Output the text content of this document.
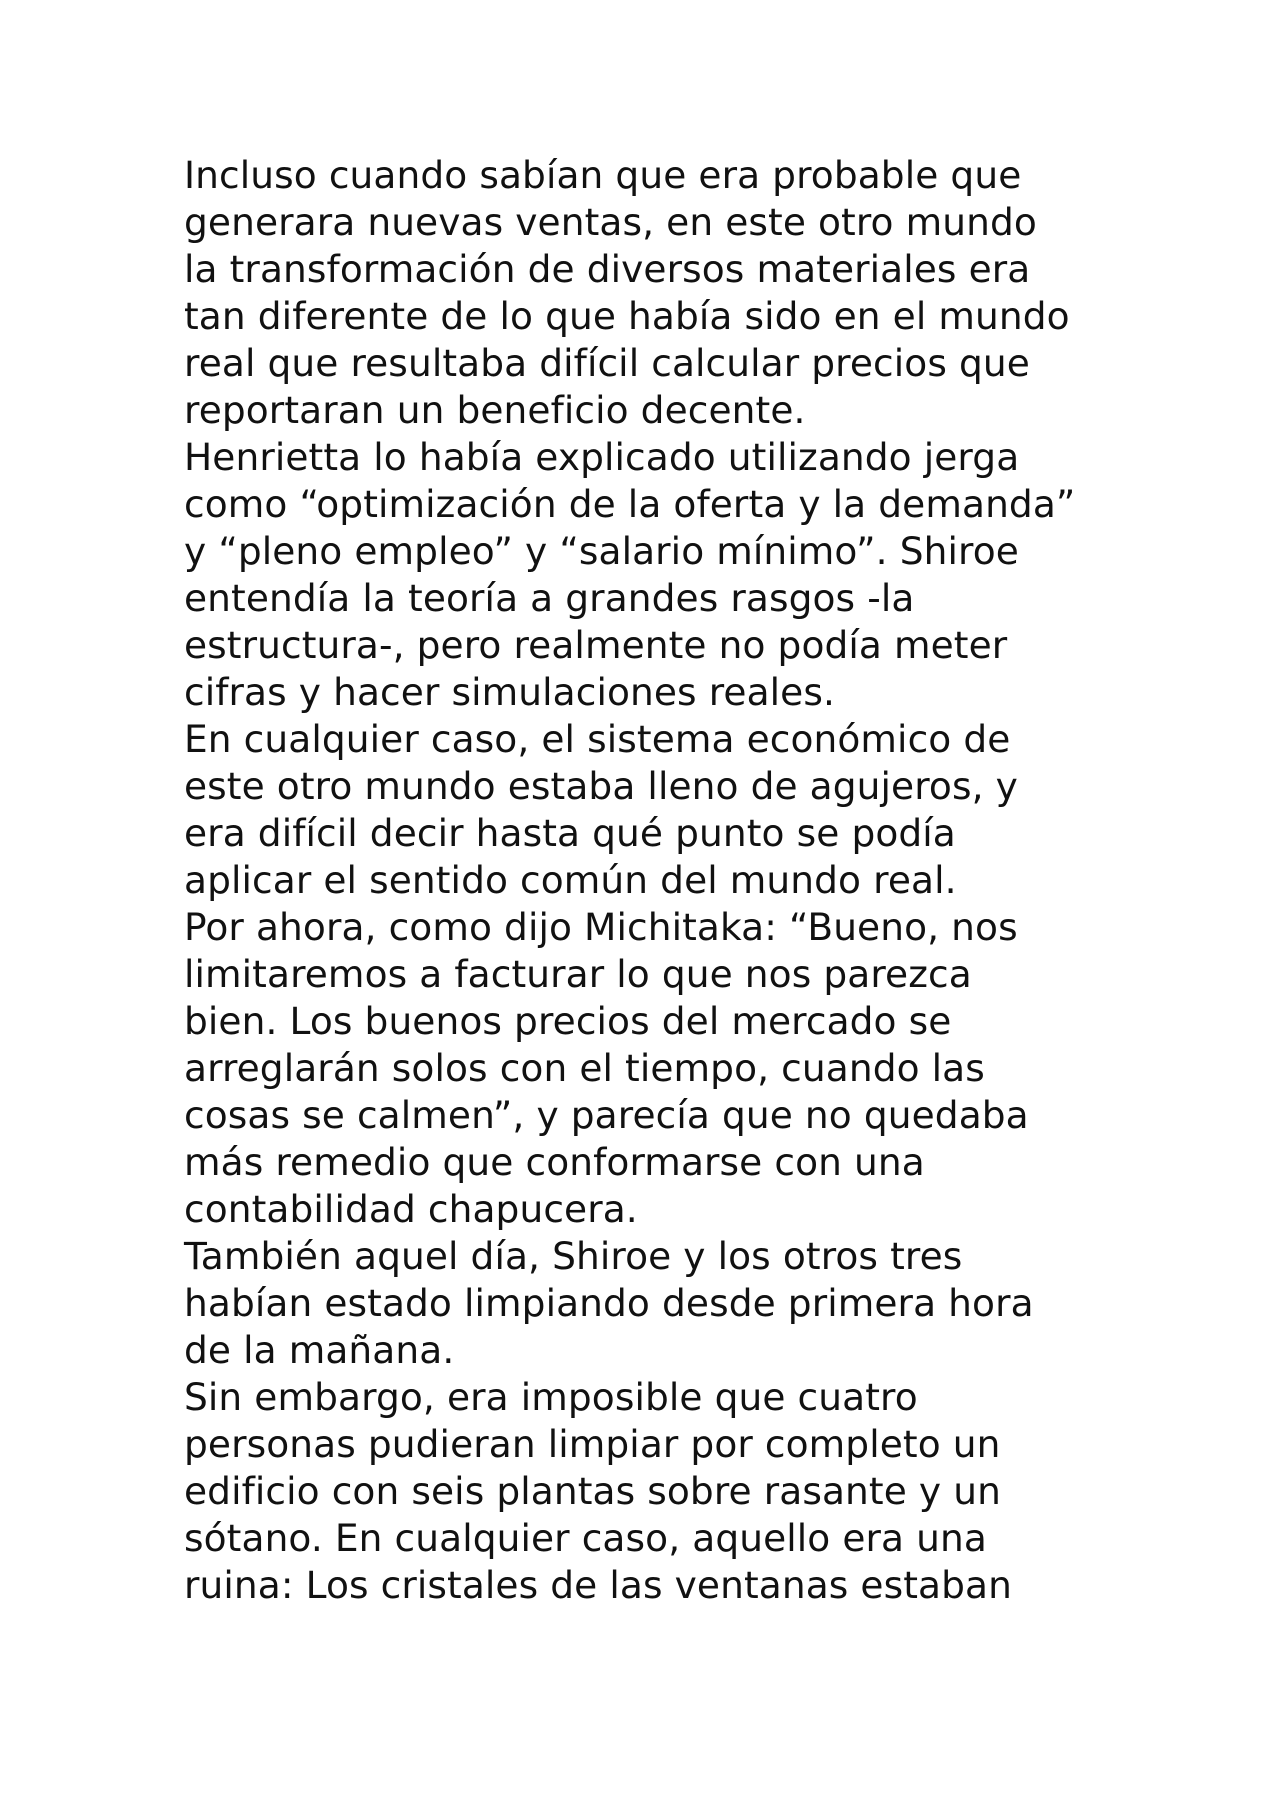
Incluso cuando sabían que era probable que
generara nuevas ventas, en este otro mundo
la transformación de diversos materiales era
tan diferente de lo que había sido en el mundo
real que resultaba difícil calcular precios que
reportaran un beneficio decente.
Henrietta lo había explicado utilizando jerga
como “optimización de la oferta y la demanda”
y “pleno empleo” y “salario mínimo”. Shiroe
entendía la teoría a grandes rasgos -la
estructura-, pero realmente no podía meter
cifras y hacer simulaciones reales.
En cualquier caso, el sistema económico de
este otro mundo estaba lleno de agujeros, y
era difícil decir hasta qué punto se podía
aplicar el sentido común del mundo real.
Por ahora, como dijo Michitaka: “Bueno, nos
limitaremos a facturar lo que nos parezca
bien. Los buenos precios del mercado se
arreglarán solos con el tiempo, cuando las
cosas se calmen”, y parecía que no quedaba
más remedio que conformarse con una
contabilidad chapucera.
También aquel día, Shiroe y los otros tres
habían estado limpiando desde primera hora
de la mañana.
Sin embargo, era imposible que cuatro
personas pudieran limpiar por completo un
edificio con seis plantas sobre rasante y un
sótano. En cualquier caso, aquello era una
ruina: Los cristales de las ventanas estaban
